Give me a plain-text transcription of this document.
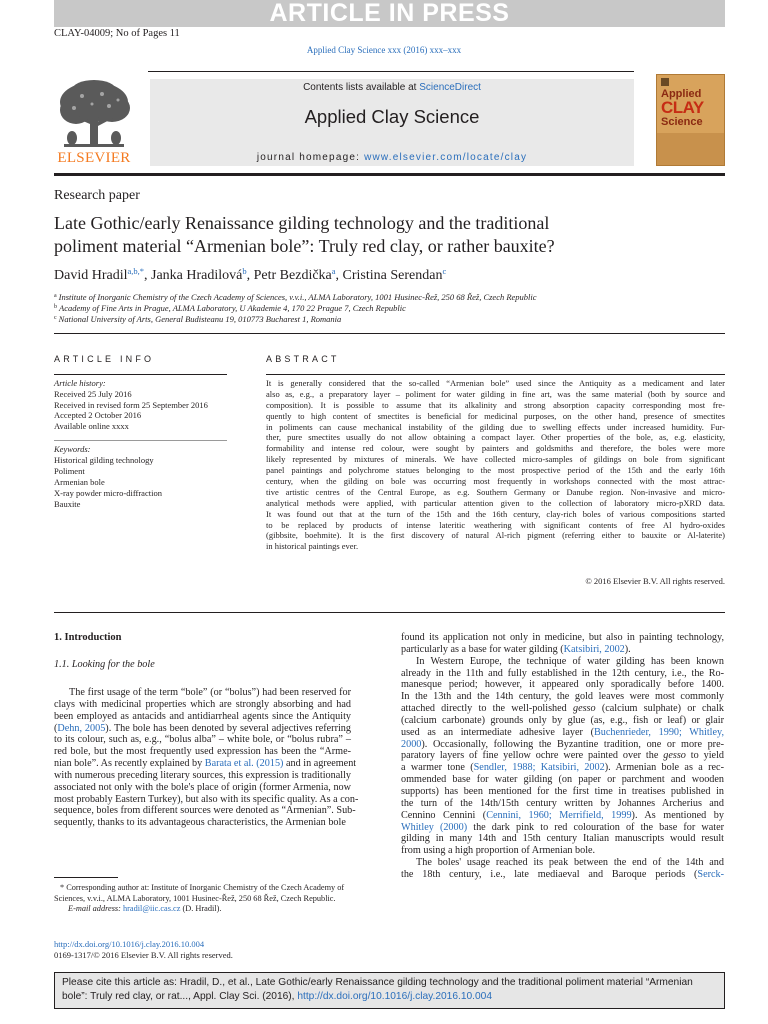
ARTICLE IN PRESS
CLAY-04009; No of Pages 11
Applied Clay Science xxx (2016) xxx–xxx
ELSEVIER
Contents lists available at ScienceDirect
Applied Clay Science
journal homepage: www.elsevier.com/locate/clay
Applied
CLAY
Science
Research paper
Late Gothic/early Renaissance gilding technology and the traditional
poliment material “Armenian bole”: Truly red clay, or rather bauxite?
David Hradil$^{a,b,*}$, Janka Hradilová$^b$, Petr Bezdička$^a$, Cristina Serendan$^c$
$^a$ Institute of Inorganic Chemistry of the Czech Academy of Sciences, v.v.i., ALMA Laboratory, 1001 Husinec-Řež, 250 68 Řež, Czech Republic
$^b$ Academy of Fine Arts in Prague, ALMA Laboratory, U Akademie 4, 170 22 Prague 7, Czech Republic
$^c$ National University of Arts, General Budisteanu 19, 010773 Bucharest 1, Romania
ARTICLE INFO	ABSTRACT
Article history:
Received 25 July 2016
Received in revised form 25 September 2016
Accepted 2 October 2016
Available online xxxx
Keywords:
Historical gilding technology
Poliment
Armenian bole
X-ray powder micro-diffraction
Bauxite
It is generally considered that the so-called “Armenian bole” used since the Antiquity as a medicament and later
also as, e.g., a preparatory layer – poliment for water gilding in fine art, was the same material (both by source and
composition). It is possible to assume that its alkalinity and strong absorption capacity corresponding most fre-
quently to high content of smectites is beneficial for medicinal purposes, on the other hand, presence of smectites
in poliments can cause mechanical instability of the gilding due to swelling effects under increased humidity. Fur-
ther, pure smectites usually do not allow obtaining a compact layer. Other properties of the bole, as, e.g. elasticity,
formability and intense red colour, were sought by painters and goldsmiths and therefore, the boles were more
likely represented by mixtures of minerals. We have collected micro-samples of gildings on bole from significant
panel paintings and polychrome statues belonging to the most prospective period of the 15th and the early 16th
century, when the gilding on bole was occurring most frequently in workshops connected with the most attrac-
tive artistic centres of the Central Europe, as e.g. Southern Germany or Danube region. Non-invasive and micro-
analytical methods were applied, with particular attention given to the collection of laboratory micro-pXRD data.
It was found out that at the turn of the 15th and the 16th century, clay-rich boles of various compositions started
to be replaced by products of intense lateritic weathering with significant contents of free Al hydro-oxides
(gibbsite, boehmite). It is the first discovery of natural Al-rich pigment (referring either to bauxite or Al-laterite)
in historical paintings ever.
© 2016 Elsevier B.V. All rights reserved.
1. Introduction
1.1. Looking for the bole
The first usage of the term “bole” (or “bolus”) had been reserved for
clays with medicinal properties which are strongly absorbing and had
been employed as antacids and antidiarrheal agents since the Antiquity
(Dehn, 2005). The bole has been denoted by several adjectives referring
to its colour, such as, e.g., “bolus alba” – white bole, or “bolus rubra” –
red bole, but the most frequently used expression has been the “Arme-
nian bole”. As recently explained by Barata et al. (2015) and in agreement
with numerous preceding literary sources, this expression is traditionally
associated not only with the bole's place of origin (former Armenia, now
most probably Eastern Turkey), but also with its specific quality. As a con-
sequence, boles from different sources were denoted as “Armenian”. Sub-
sequently, thanks to its advantageous characteristics, the Armenian bole
found its application not only in medicine, but also in painting technology,
particularly as a base for water gilding (Katsibiri, 2002).
In Western Europe, the technique of water gilding has been known
already in the 11th and fully established in the 12th century, i.e., the Ro-
manesque period; however, it appeared only sporadically before 1400.
In the 13th and the 14th century, the gold leaves were most commonly
attached directly to the well-polished gesso (calcium sulphate) or chalk
(calcium carbonate) grounds only by glue (as, e.g., fish or leaf) or glair
used as an intermediate adhesive layer (Buchenrieder, 1990; Whitley,
2000). Occasionally, following the Byzantine tradition, one or more pre-
paratory layers of fine yellow ochre were painted over the gesso to yield
a warmer tone (Sendler, 1988; Katsibiri, 2002). Armenian bole as a rec-
ommended base for water gilding (on paper or parchment and wooden
supports) has been mentioned for the first time in treatises published in
the turn of the 14th/15th century written by Johannes Archerius and
Cennino Cennini (Cennini, 1960; Merrifield, 1999). As mentioned by
Whitley (2000) the dark pink to red colouration of the base for water
gilding in many 14th and 15th century Italian manuscripts would result
from using a high proportion of Armenian bole.
The boles' usage reached its peak between the end of the 14th and
the 18th century, i.e., late mediaeval and Baroque periods (Serck-
* Corresponding author at: Institute of Inorganic Chemistry of the Czech Academy of
Sciences, v.v.i., ALMA Laboratory, 1001 Husinec-Řež, 250 68 Řež, Czech Republic.
E-mail address: hradil@iic.cas.cz (D. Hradil).
http://dx.doi.org/10.1016/j.clay.2016.10.004
0169-1317/© 2016 Elsevier B.V. All rights reserved.
Please cite this article as: Hradil, D., et al., Late Gothic/early Renaissance gilding technology and the traditional poliment material “Armenian
bole”: Truly red clay, or rat..., Appl. Clay Sci. (2016), http://dx.doi.org/10.1016/j.clay.2016.10.004
